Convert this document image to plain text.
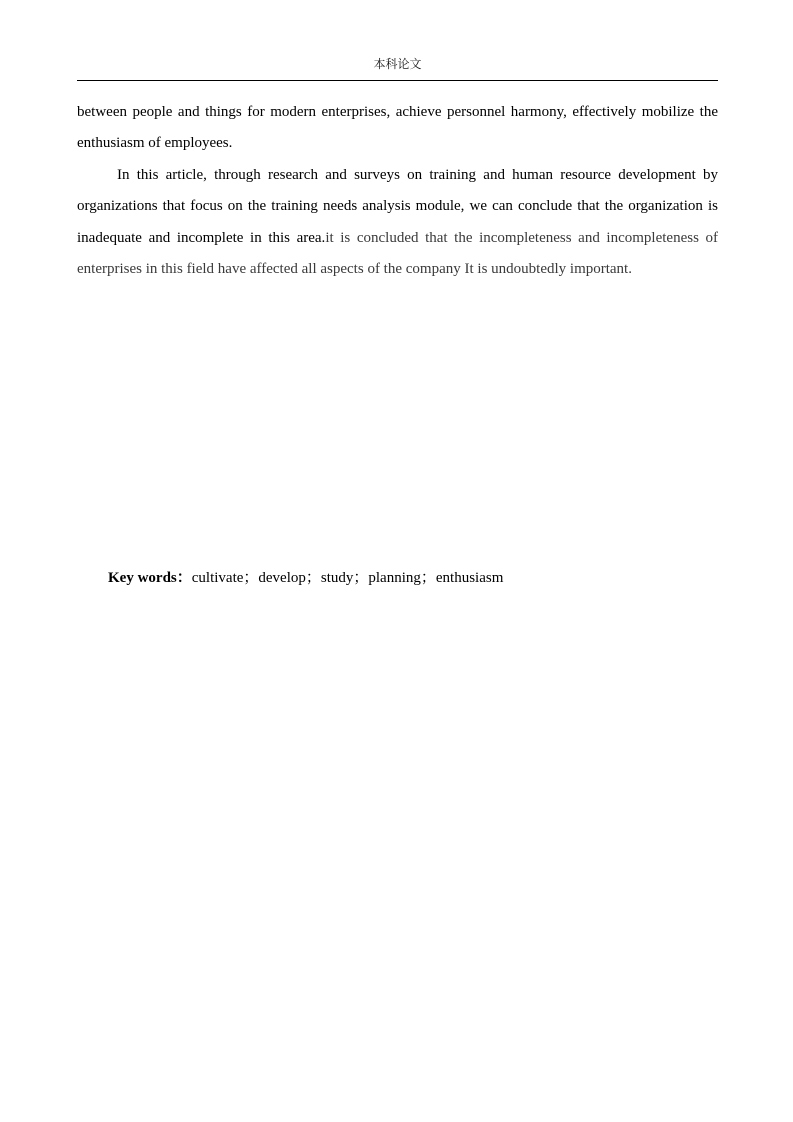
本科论文

between people and things for modern enterprises, achieve personnel harmony, effectively mobilize the enthusiasm of employees.

In this article, through research and surveys on training and human resource development by organizations that focus on the training needs analysis module, we can conclude that the organization is inadequate and incomplete in this area.it is concluded that the incompleteness and incompleteness of enterprises in this field have affected all aspects of the company It is undoubtedly important.

Key words：cultivate；develop；study；planning；enthusiasm
